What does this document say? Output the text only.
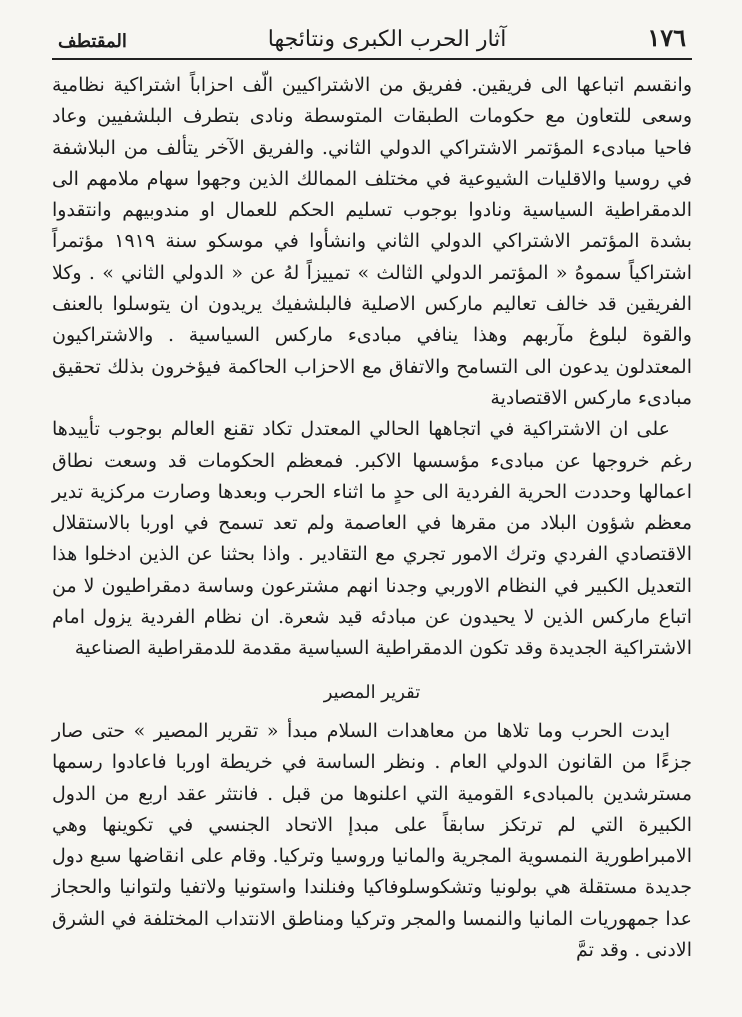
١٧٦
آثار الحرب الكبرى ونتائجها
المقتطف

وانقسم اتباعها الى فريقين. ففريق من الاشتراكيين الّف احزاباً اشتراكية نظامية وسعى للتعاون مع حكومات الطبقات المتوسطة ونادى بتطرف البلشفيين وعاد فاحيا مبادىء المؤتمر الاشتراكي الدولي الثاني. والفريق الآخر يتألف من البلاشفة في روسيا والاقليات الشيوعية في مختلف الممالك الذين وجهوا سهام ملامهم الى الدمقراطية السياسية ونادوا بوجوب تسليم الحكم للعمال او مندوبيهم وانتقدوا بشدة المؤتمر الاشتراكي الدولي الثاني وانشأوا في موسكو سنة ١٩١٩ مؤتمراً اشتراكياً سموهُ « المؤتمر الدولي الثالث » تمييزاً لهُ عن « الدولي الثاني » . وكلا الفريقين قد خالف تعاليم ماركس الاصلية فالبلشفيك يريدون ان يتوسلوا بالعنف والقوة لبلوغ مآربهم وهذا ينافي مبادىء ماركس السياسية . والاشتراكيون المعتدلون يدعون الى التسامح والاتفاق مع الاحزاب الحاكمة فيؤخرون بذلك تحقيق مبادىء ماركس الاقتصادية

على ان الاشتراكية في اتجاهها الحالي المعتدل تكاد تقنع العالم بوجوب تأييدها رغم خروجها عن مبادىء مؤسسها الاكبر. فمعظم الحكومات قد وسعت نطاق اعمالها وحددت الحرية الفردية الى حدٍ ما اثناء الحرب وبعدها وصارت مركزية تدير معظم شؤون البلاد من مقرها في العاصمة ولم تعد تسمح في اوربا بالاستقلال الاقتصادي الفردي وترك الامور تجري مع التقادير . واذا بحثنا عن الذين ادخلوا هذا التعديل الكبير في النظام الاوربي وجدنا انهم مشترعون وساسة دمقراطيون لا من اتباع ماركس الذين لا يحيدون عن مبادئه قيد شعرة. ان نظام الفردية يزول امام الاشتراكية الجديدة وقد تكون الدمقراطية السياسية مقدمة للدمقراطية الصناعية

تقرير المصير

ايدت الحرب وما تلاها من معاهدات السلام مبدأ « تقرير المصير » حتى صار جزءًا من القانون الدولي العام . ونظر الساسة في خريطة اوربا فاعادوا رسمها مسترشدين بالمبادىء القومية التي اعلنوها من قبل . فانتثر عقد اربع من الدول الكبيرة التي لم ترتكز سابقاً على مبدإ الاتحاد الجنسي في تكوينها وهي الامبراطورية النمسوية المجرية والمانيا وروسيا وتركيا. وقام على انقاضها سبع دول جديدة مستقلة هي بولونيا وتشكوسلوفاكيا وفنلندا واستونيا ولاتفيا ولتوانيا والحجاز عدا جمهوريات المانيا والنمسا والمجر وتركيا ومناطق الانتداب المختلفة في الشرق الادنى . وقد تمَّ
